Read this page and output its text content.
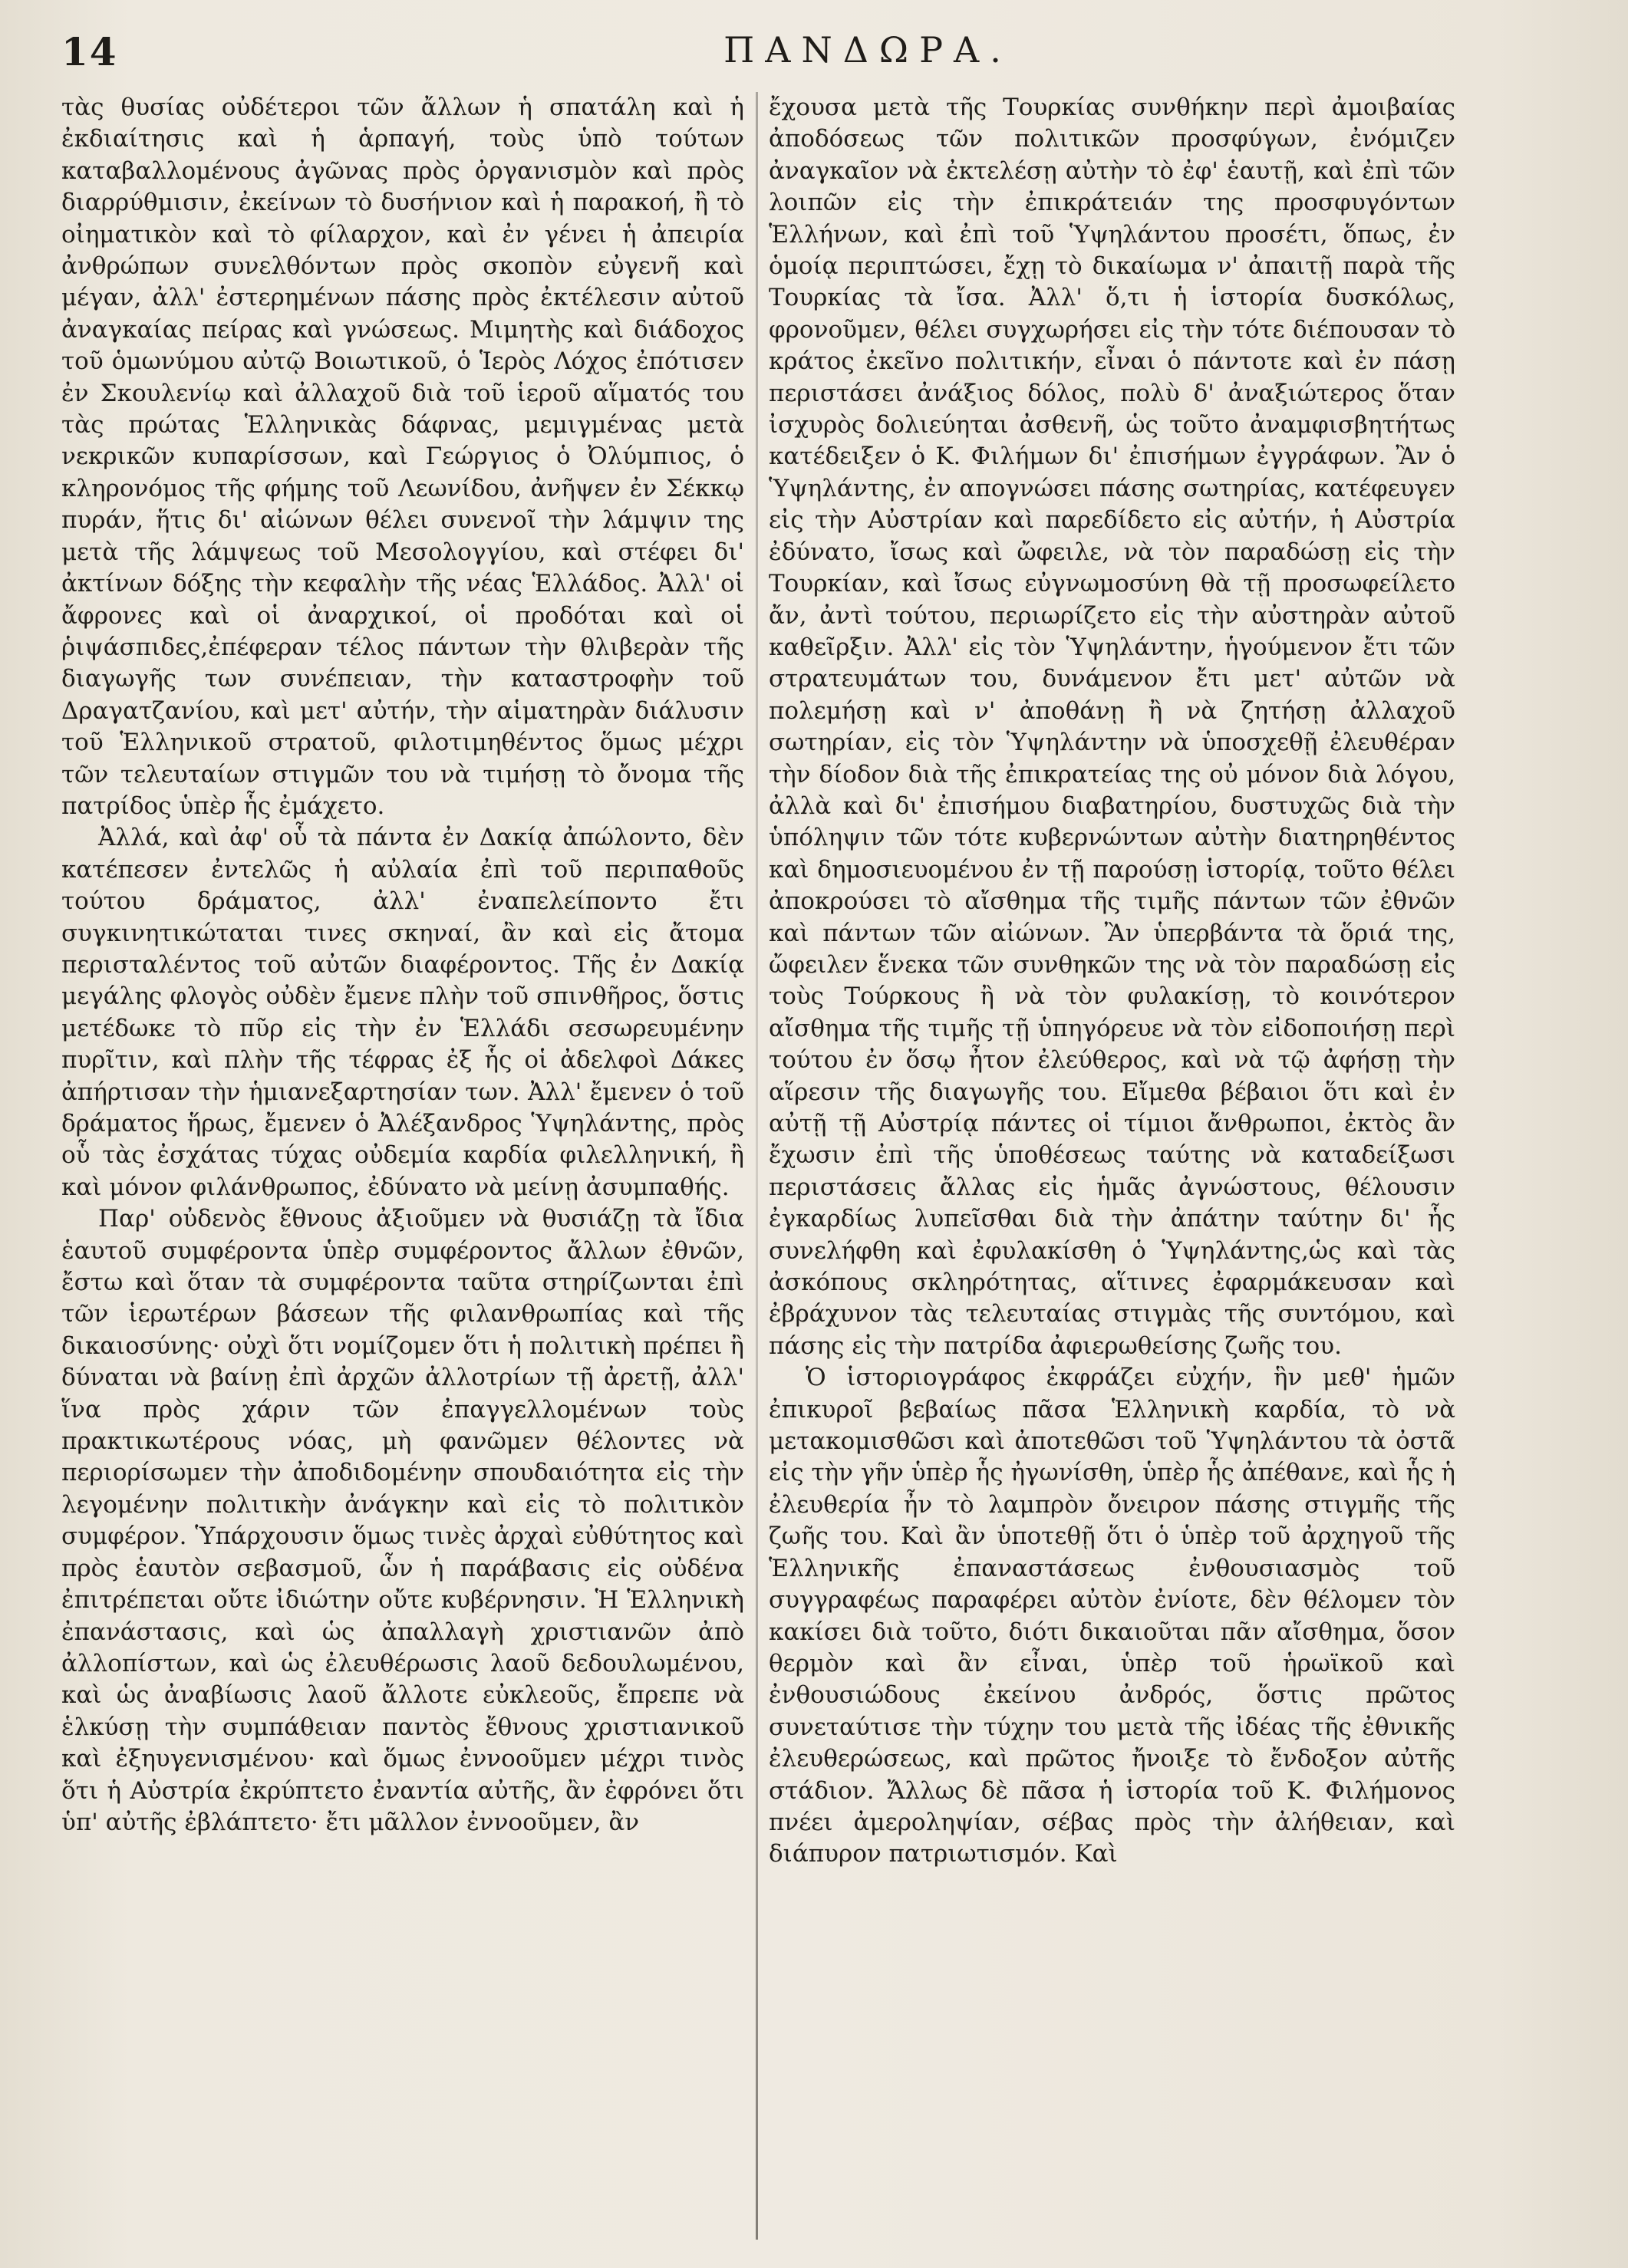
14	ΠΑΝΔΩΡΑ.

τὰς θυσίας οὐδέτεροι τῶν ἄλλων ἡ σπατάλη καὶ ἡ ἐκδιαίτησις καὶ ἡ ἁρπαγή, τοὺς ὑπὸ τούτων καταβαλλομένους ἀγῶνας πρὸς ὀργανισμὸν καὶ πρὸς διαρρύθμισιν, ἐκείνων τὸ δυσήνιον καὶ ἡ παρακοή, ἢ τὸ οἰηματικὸν καὶ τὸ φίλαρχον, καὶ ἐν γένει ἡ ἀπειρία ἀνθρώπων συνελθόντων πρὸς σκοπὸν εὐγενῆ καὶ μέγαν, ἀλλ' ἐστερημένων πάσης πρὸς ἐκτέλεσιν αὐτοῦ ἀναγκαίας πείρας καὶ γνώσεως. Μιμητὴς καὶ διάδοχος τοῦ ὁμωνύμου αὐτῷ Βοιωτικοῦ, ὁ Ἱερὸς Λόχος ἐπότισεν ἐν Σκουλενίῳ καὶ ἀλλαχοῦ διὰ τοῦ ἱεροῦ αἵματός του τὰς πρώτας Ἑλληνικὰς δάφνας, μεμιγμένας μετὰ νεκρικῶν κυπαρίσσων, καὶ Γεώργιος ὁ Ὀλύμπιος, ὁ κληρονόμος τῆς φήμης τοῦ Λεωνίδου, ἀνῆψεν ἐν Σέκκῳ πυράν, ἥτις δι' αἰώνων θέλει συνενοῖ τὴν λάμψιν της μετὰ τῆς λάμψεως τοῦ Μεσολογγίου, καὶ στέφει δι' ἀκτίνων δόξης τὴν κεφαλὴν τῆς νέας Ἑλλάδος. Ἀλλ' οἱ ἄφρονες καὶ οἱ ἀναρχικοί, οἱ προδόται καὶ οἱ ῥιψάσπιδες,ἐπέφεραν τέλος πάντων τὴν θλιβερὰν τῆς διαγωγῆς των συνέπειαν, τὴν καταστροφὴν τοῦ Δραγατζανίου, καὶ μετ' αὐτήν, τὴν αἱματηρὰν διάλυσιν τοῦ Ἑλληνικοῦ στρατοῦ, φιλοτιμηθέντος ὅμως μέχρι τῶν τελευταίων στιγμῶν του νὰ τιμήσῃ τὸ ὄνομα τῆς πατρίδος ὑπὲρ ἧς ἐμάχετο.

Ἀλλά, καὶ ἀφ' οὗ τὰ πάντα ἐν Δακίᾳ ἀπώλοντο, δὲν κατέπεσεν ἐντελῶς ἡ αὐλαία ἐπὶ τοῦ περιπαθοῦς τούτου δράματος, ἀλλ' ἐναπελείποντο ἔτι συγκινητικώταται τινες σκηναί, ἂν καὶ εἰς ἄτομα περισταλέντος τοῦ αὐτῶν διαφέροντος. Τῆς ἐν Δακίᾳ μεγάλης φλογὸς οὐδὲν ἔμενε πλὴν τοῦ σπινθῆρος, ὅστις μετέδωκε τὸ πῦρ εἰς τὴν ἐν Ἑλλάδι σεσωρευμένην πυρῖτιν, καὶ πλὴν τῆς τέφρας ἐξ ἧς οἱ ἀδελφοὶ Δάκες ἀπήρτισαν τὴν ἡμιανεξαρτησίαν των. Ἀλλ' ἔμενεν ὁ τοῦ δράματος ἥρως, ἔμενεν ὁ Ἀλέξανδρος Ὑψηλάντης, πρὸς οὗ τὰς ἐσχάτας τύχας οὐδεμία καρδία φιλελληνική, ἢ καὶ μόνον φιλάνθρωπος, ἐδύνατο νὰ μείνῃ ἀσυμπαθής.

Παρ' οὐδενὸς ἔθνους ἀξιοῦμεν νὰ θυσιάζῃ τὰ ἴδια ἑαυτοῦ συμφέροντα ὑπὲρ συμφέροντος ἄλλων ἐθνῶν, ἔστω καὶ ὅταν τὰ συμφέροντα ταῦτα στηρίζωνται ἐπὶ τῶν ἱερωτέρων βάσεων τῆς φιλανθρωπίας καὶ τῆς δικαιοσύνης· οὐχὶ ὅτι νομίζομεν ὅτι ἡ πολιτικὴ πρέπει ἢ δύναται νὰ βαίνῃ ἐπὶ ἀρχῶν ἀλλοτρίων τῇ ἀρετῇ, ἀλλ' ἵνα πρὸς χάριν τῶν ἐπαγγελλομένων τοὺς πρακτικωτέρους νόας, μὴ φανῶμεν θέλοντες νὰ περιορίσωμεν τὴν ἀποδιδομένην σπουδαιότητα εἰς τὴν λεγομένην πολιτικὴν ἀνάγκην καὶ εἰς τὸ πολιτικὸν συμφέρον. Ὑπάρχουσιν ὅμως τινὲς ἀρχαὶ εὐθύτητος καὶ πρὸς ἑαυτὸν σεβασμοῦ, ὧν ἡ παράβασις εἰς οὐδένα ἐπιτρέπεται οὔτε ἰδιώτην οὔτε κυβέρνησιν. Ἡ Ἑλληνικὴ ἐπανάστασις, καὶ ὡς ἀπαλλαγὴ χριστιανῶν ἀπὸ ἀλλοπίστων, καὶ ὡς ἐλευθέρωσις λαοῦ δεδουλωμένου, καὶ ὡς ἀναβίωσις λαοῦ ἄλλοτε εὐκλεοῦς, ἔπρεπε νὰ ἑλκύσῃ τὴν συμπάθειαν παντὸς ἔθνους χριστιανικοῦ καὶ ἐξηυγενισμένου· καὶ ὅμως ἐννοοῦμεν μέχρι τινὸς ὅτι ἡ Αὐστρία ἐκρύπτετο ἐναντία αὐτῆς, ἂν ἐφρόνει ὅτι ὑπ' αὐτῆς ἐβλάπτετο· ἔτι μᾶλλον ἐννοοῦμεν, ἂν

ἔχουσα μετὰ τῆς Τουρκίας συνθήκην περὶ ἀμοιβαίας ἀποδόσεως τῶν πολιτικῶν προσφύγων, ἐνόμιζεν ἀναγκαῖον νὰ ἐκτελέσῃ αὐτὴν τὸ ἐφ' ἑαυτῇ, καὶ ἐπὶ τῶν λοιπῶν εἰς τὴν ἐπικράτειάν της προσφυγόντων Ἑλλήνων, καὶ ἐπὶ τοῦ Ὑψηλάντου προσέτι, ὅπως, ἐν ὁμοίᾳ περιπτώσει, ἔχῃ τὸ δικαίωμα ν' ἀπαιτῇ παρὰ τῆς Τουρκίας τὰ ἴσα. Ἀλλ' ὅ,τι ἡ ἱστορία δυσκόλως, φρονοῦμεν, θέλει συγχωρήσει εἰς τὴν τότε διέπουσαν τὸ κράτος ἐκεῖνο πολιτικήν, εἶναι ὁ πάντοτε καὶ ἐν πάσῃ περιστάσει ἀνάξιος δόλος, πολὺ δ' ἀναξιώτερος ὅταν ἰσχυρὸς δολιεύηται ἀσθενῆ, ὡς τοῦτο ἀναμφισβητήτως κατέδειξεν ὁ Κ. Φιλήμων δι' ἐπισήμων ἐγγράφων. Ἂν ὁ Ὑψηλάντης, ἐν απογνώσει πάσης σωτηρίας, κατέφευγεν εἰς τὴν Αὐστρίαν καὶ παρεδίδετο εἰς αὐτήν, ἡ Αὐστρία ἐδύνατο, ἴσως καὶ ὤφειλε, νὰ τὸν παραδώσῃ εἰς τὴν Τουρκίαν, καὶ ἴσως εὐγνωμοσύνη θὰ τῇ προσωφείλετο ἄν, ἀντὶ τούτου, περιωρίζετο εἰς τὴν αὐστηρὰν αὐτοῦ καθεῖρξιν. Ἀλλ' εἰς τὸν Ὑψηλάντην, ἡγούμενον ἔτι τῶν στρατευμάτων του, δυνάμενον ἔτι μετ' αὐτῶν νὰ πολεμήσῃ καὶ ν' ἀποθάνῃ ἢ νὰ ζητήσῃ ἀλλαχοῦ σωτηρίαν, εἰς τὸν Ὑψηλάντην νὰ ὑποσχεθῇ ἐλευθέραν τὴν δίοδον διὰ τῆς ἐπικρατείας της οὐ μόνον διὰ λόγου, ἀλλὰ καὶ δι' ἐπισήμου διαβατηρίου, δυστυχῶς διὰ τὴν ὑπόληψιν τῶν τότε κυβερνώντων αὐτὴν διατηρηθέντος καὶ δημοσιευομένου ἐν τῇ παρούσῃ ἱστορίᾳ, τοῦτο θέλει ἀποκρούσει τὸ αἴσθημα τῆς τιμῆς πάντων τῶν ἐθνῶν καὶ πάντων τῶν αἰώνων. Ἂν ὑπερβάντα τὰ ὅριά της, ὤφειλεν ἕνεκα τῶν συνθηκῶν της νὰ τὸν παραδώσῃ εἰς τοὺς Τούρκους ἢ νὰ τὸν φυλακίσῃ, τὸ κοινότερον αἴσθημα τῆς τιμῆς τῇ ὑπηγόρευε νὰ τὸν εἰδοποιήσῃ περὶ τούτου ἐν ὅσῳ ἦτον ἐλεύθερος, καὶ νὰ τῷ ἀφήσῃ τὴν αἵρεσιν τῆς διαγωγῆς του. Εἴμεθα βέβαιοι ὅτι καὶ ἐν αὐτῇ τῇ Αὐστρίᾳ πάντες οἱ τίμιοι ἄνθρωποι, ἐκτὸς ἂν ἔχωσιν ἐπὶ τῆς ὑποθέσεως ταύτης νὰ καταδείξωσι περιστάσεις ἄλλας εἰς ἡμᾶς ἀγνώστους, θέλουσιν ἐγκαρδίως λυπεῖσθαι διὰ τὴν ἀπάτην ταύτην δι' ἧς συνελήφθη καὶ ἐφυλακίσθη ὁ Ὑψηλάντης,ὡς καὶ τὰς ἀσκόπους σκληρότητας, αἵτινες ἐφαρμάκευσαν καὶ ἐβράχυνον τὰς τελευταίας στιγμὰς τῆς συντόμου, καὶ πάσης εἰς τὴν πατρίδα ἀφιερωθείσης ζωῆς του.

Ὁ ἱστοριογράφος ἐκφράζει εὐχήν, ἣν μεθ' ἡμῶν ἐπικυροῖ βεβαίως πᾶσα Ἑλληνικὴ καρδία, τὸ νὰ μετακομισθῶσι καὶ ἀποτεθῶσι τοῦ Ὑψηλάντου τὰ ὀστᾶ εἰς τὴν γῆν ὑπὲρ ἧς ἠγωνίσθη, ὑπὲρ ἧς ἀπέθανε, καὶ ἧς ἡ ἐλευθερία ἦν τὸ λαμπρὸν ὄνειρον πάσης στιγμῆς τῆς ζωῆς του. Καὶ ἂν ὑποτεθῇ ὅτι ὁ ὑπὲρ τοῦ ἀρχηγοῦ τῆς Ἑλληνικῆς ἐπαναστάσεως ἐνθουσιασμὸς τοῦ συγγραφέως παραφέρει αὐτὸν ἐνίοτε, δὲν θέλομεν τὸν κακίσει διὰ τοῦτο, διότι δικαιοῦται πᾶν αἴσθημα, ὅσον θερμὸν καὶ ἂν εἶναι, ὑπὲρ τοῦ ἡρωϊκοῦ καὶ ἐνθουσιώδους ἐκείνου ἀνδρός, ὅστις πρῶτος συνεταύτισε τὴν τύχην του μετὰ τῆς ἰδέας τῆς ἐθνικῆς ἐλευθερώσεως, καὶ πρῶτος ἤνοιξε τὸ ἔνδοξον αὐτῆς στάδιον. Ἄλλως δὲ πᾶσα ἡ ἱστορία τοῦ Κ. Φιλήμονος πνέει ἀμεροληψίαν, σέβας πρὸς τὴν ἀλήθειαν, καὶ διάπυρον πατριωτισμόν. Καὶ
